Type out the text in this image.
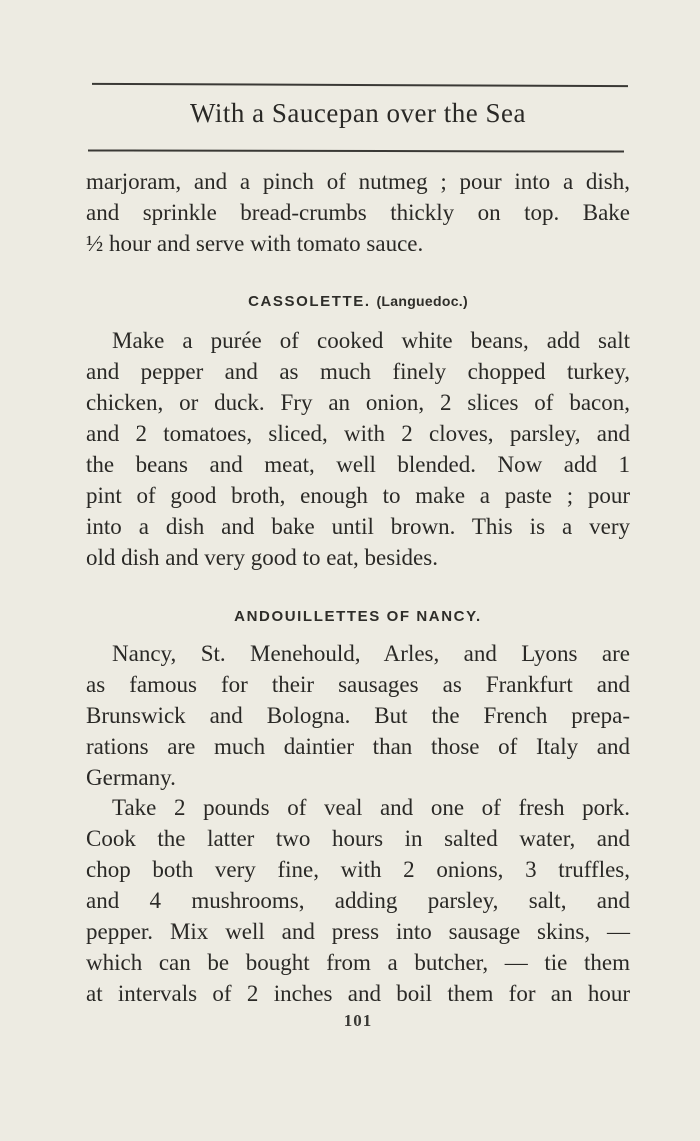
With a Saucepan over the Sea
marjoram, and a pinch of nutmeg ; pour into a dish,
and sprinkle bread-crumbs thickly on top. Bake
½ hour and serve with tomato sauce.
CASSOLETTE. (Languedoc.)
Make a purée of cooked white beans, add salt
and pepper and as much finely chopped turkey,
chicken, or duck. Fry an onion, 2 slices of bacon,
and 2 tomatoes, sliced, with 2 cloves, parsley, and
the beans and meat, well blended. Now add 1
pint of good broth, enough to make a paste ; pour
into a dish and bake until brown. This is a very
old dish and very good to eat, besides.
ANDOUILLETTES OF NANCY.
Nancy, St. Menehould, Arles, and Lyons are
as famous for their sausages as Frankfurt and
Brunswick and Bologna. But the French prepa-
rations are much daintier than those of Italy and
Germany.
Take 2 pounds of veal and one of fresh pork.
Cook the latter two hours in salted water, and
chop both very fine, with 2 onions, 3 truffles,
and 4 mushrooms, adding parsley, salt, and
pepper. Mix well and press into sausage skins, —
which can be bought from a butcher, — tie them
at intervals of 2 inches and boil them for an hour
101
